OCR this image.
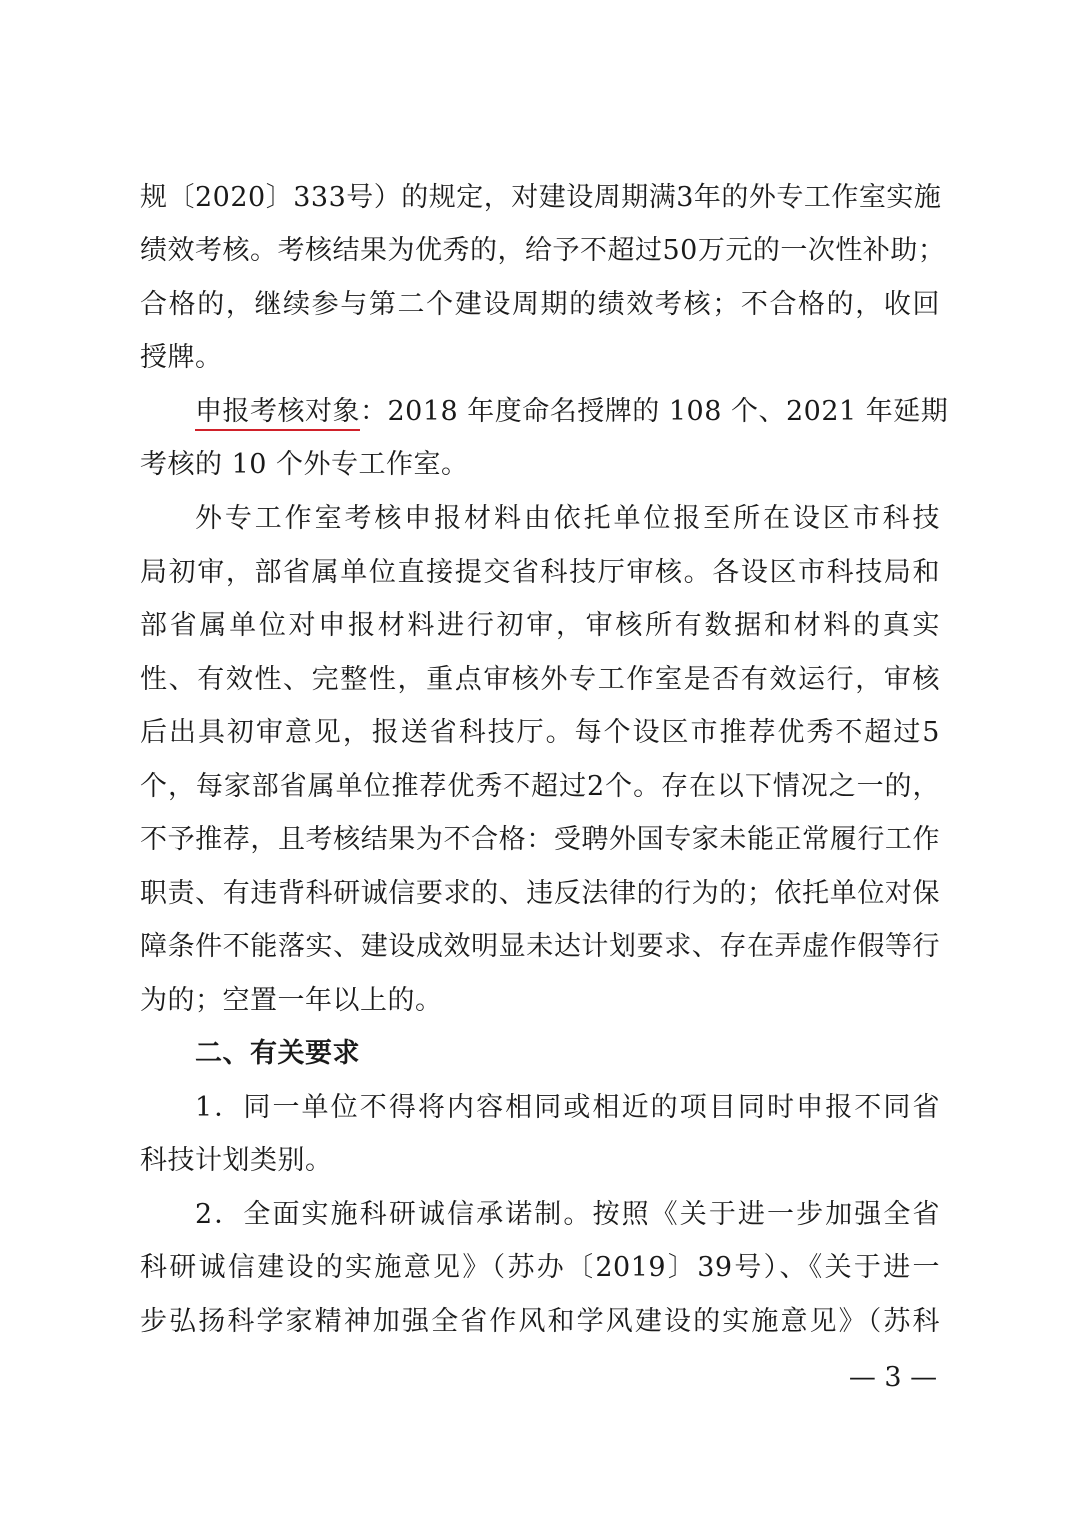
规〔2020〕333号）的规定，对建设周期满3年的外专工作室实施
绩效考核。考核结果为优秀的，给予不超过50万元的一次性补助；
合格的，继续参与第二个建设周期的绩效考核；不合格的，收回
授牌。
申报考核对象：2018 年度命名授牌的 108 个、2021 年延期
考核的 10 个外专工作室。
外专工作室考核申报材料由依托单位报至所在设区市科技
局初审，部省属单位直接提交省科技厅审核。各设区市科技局和
部省属单位对申报材料进行初审，审核所有数据和材料的真实
性、有效性、完整性，重点审核外专工作室是否有效运行，审核
后出具初审意见，报送省科技厅。每个设区市推荐优秀不超过5
个，每家部省属单位推荐优秀不超过2个。存在以下情况之一的，
不予推荐，且考核结果为不合格：受聘外国专家未能正常履行工作
职责、有违背科研诚信要求的、违反法律的行为的；依托单位对保
障条件不能落实、建设成效明显未达计划要求、存在弄虚作假等行
为的；空置一年以上的。
二、有关要求
1．同一单位不得将内容相同或相近的项目同时申报不同省
科技计划类别。
2．全面实施科研诚信承诺制。按照《关于进一步加强全省
科研诚信建设的实施意见》（苏办〔2019〕39号）、《关于进一
步弘扬科学家精神加强全省作风和学风建设的实施意见》（苏科
— 3 —
